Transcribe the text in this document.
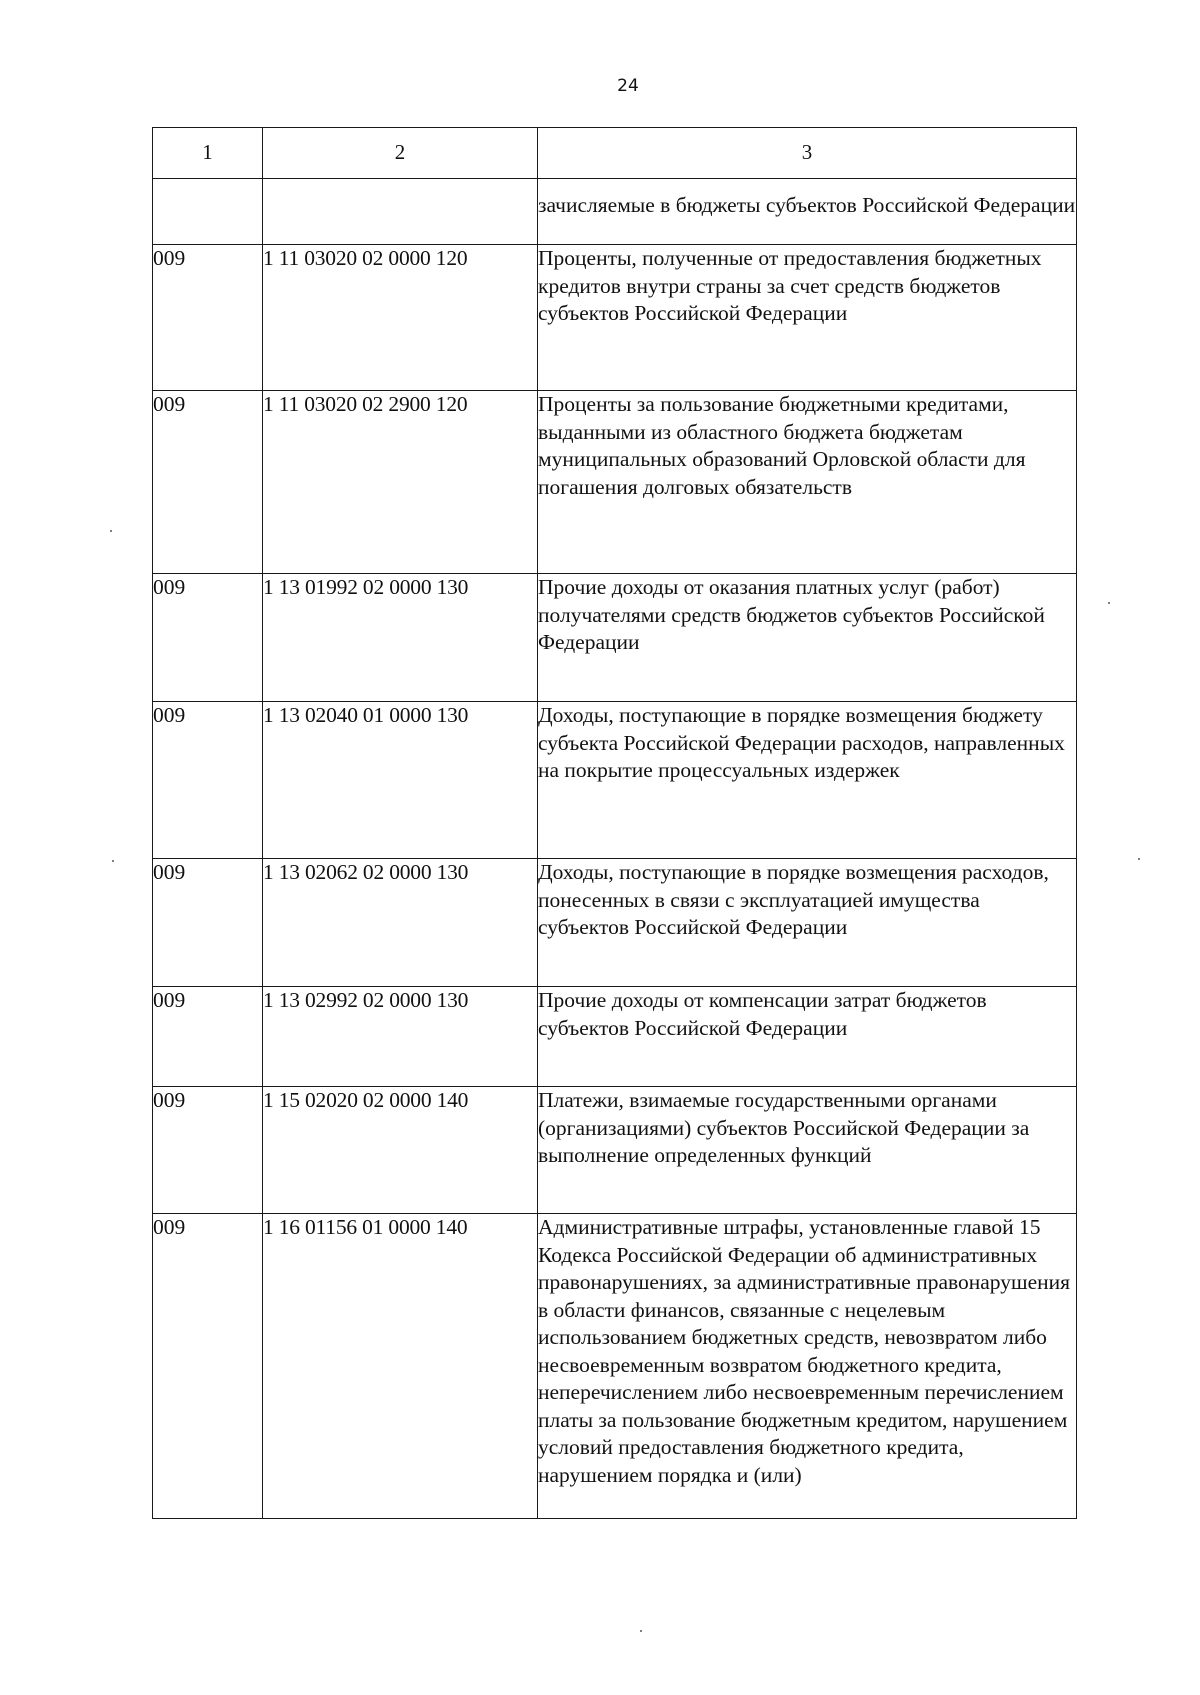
24
1	2	3
		зачисляемые в бюджеты субъектов Российской Федерации
009	1 11 03020 02 0000 120	Проценты, полученные от предоставления бюджетных кредитов внутри страны за счет средств бюджетов субъектов Российской Федерации
009	1 11 03020 02 2900 120	Проценты за пользование бюджетными кредитами, выданными из областного бюджета бюджетам муниципальных образований Орловской области для погашения долговых обязательств
009	1 13 01992 02 0000 130	Прочие доходы от оказания платных услуг (работ) получателями средств бюджетов субъектов Российской Федерации
009	1 13 02040 01 0000 130	Доходы, поступающие в порядке возмещения бюджету субъекта Российской Федерации расходов, направленных на покрытие процессуальных издержек
009	1 13 02062 02 0000 130	Доходы, поступающие в порядке возмещения расходов, понесенных в связи с эксплуатацией имущества субъектов Российской Федерации
009	1 13 02992 02 0000 130	Прочие доходы от компенсации затрат бюджетов субъектов Российской Федерации
009	1 15 02020 02 0000 140	Платежи, взимаемые государственными органами (организациями) субъектов Российской Федерации за выполнение определенных функций
009	1 16 01156 01 0000 140	Административные штрафы, установленные главой 15 Кодекса Российской Федерации об административных правонарушениях, за административные правонарушения в области финансов, связанные с нецелевым использованием бюджетных средств, невозвратом либо несвоевременным возвратом бюджетного кредита, неперечислением либо несвоевременным перечислением платы за пользование бюджетным кредитом, нарушением условий предоставления бюджетного кредита, нарушением порядка и (или)
